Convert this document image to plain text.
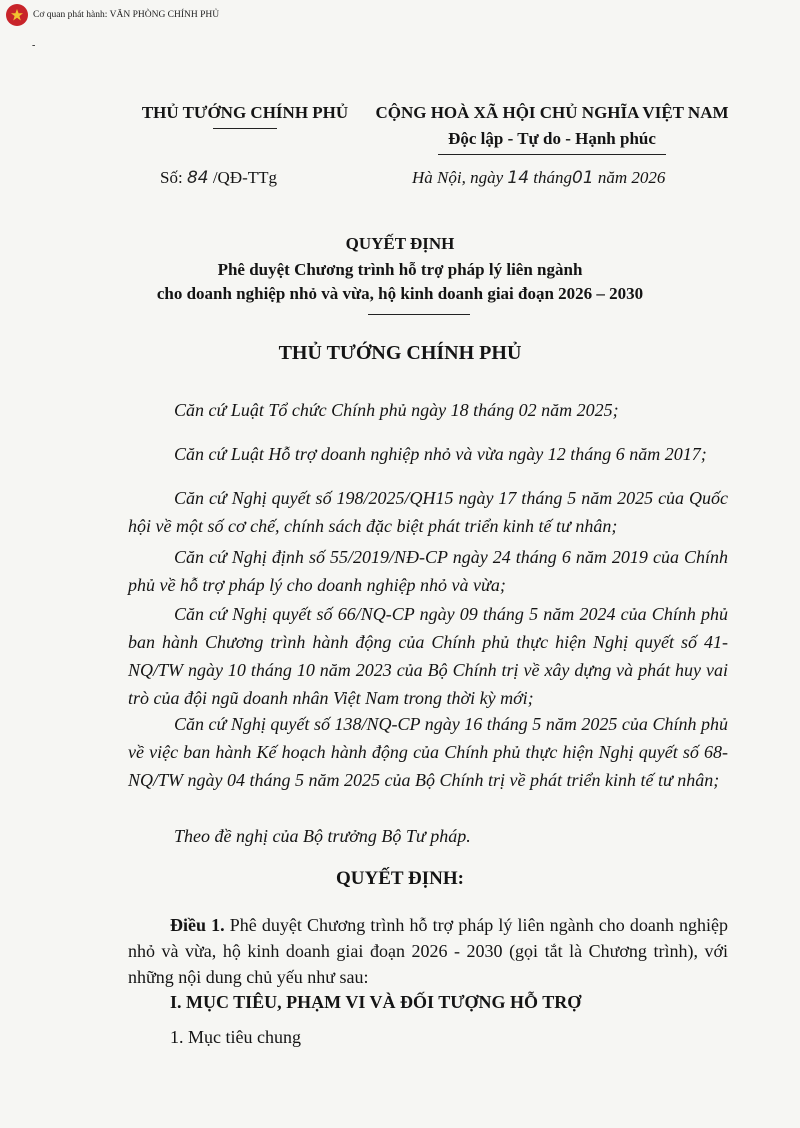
Cơ quan phát hành: VĂN PHÒNG CHÍNH PHỦ
-
THỦ TƯỚNG CHÍNH PHỦ	CỘNG HOÀ XÃ HỘI CHỦ NGHĨA VIỆT NAM
Độc lập - Tự do - Hạnh phúc
Số: 84 /QĐ-TTg	Hà Nội, ngày 14 tháng01 năm 2026
QUYẾT ĐỊNH
Phê duyệt Chương trình hỗ trợ pháp lý liên ngành
cho doanh nghiệp nhỏ và vừa, hộ kinh doanh giai đoạn 2026 – 2030
THỦ TƯỚNG CHÍNH PHỦ
Căn cứ Luật Tổ chức Chính phủ ngày 18 tháng 02 năm 2025;
Căn cứ Luật Hỗ trợ doanh nghiệp nhỏ và vừa ngày 12 tháng 6 năm 2017;
Căn cứ Nghị quyết số 198/2025/QH15 ngày 17 tháng 5 năm 2025 của Quốc hội về một số cơ chế, chính sách đặc biệt phát triển kinh tế tư nhân;
Căn cứ Nghị định số 55/2019/NĐ-CP ngày 24 tháng 6 năm 2019 của Chính phủ về hỗ trợ pháp lý cho doanh nghiệp nhỏ và vừa;
Căn cứ Nghị quyết số 66/NQ-CP ngày 09 tháng 5 năm 2024 của Chính phủ ban hành Chương trình hành động của Chính phủ thực hiện Nghị quyết số 41-NQ/TW ngày 10 tháng 10 năm 2023 của Bộ Chính trị về xây dựng và phát huy vai trò của đội ngũ doanh nhân Việt Nam trong thời kỳ mới;
Căn cứ Nghị quyết số 138/NQ-CP ngày 16 tháng 5 năm 2025 của Chính phủ về việc ban hành Kế hoạch hành động của Chính phủ thực hiện Nghị quyết số 68-NQ/TW ngày 04 tháng 5 năm 2025 của Bộ Chính trị về phát triển kinh tế tư nhân;
Theo đề nghị của Bộ trưởng Bộ Tư pháp.
QUYẾT ĐỊNH:
Điều 1. Phê duyệt Chương trình hỗ trợ pháp lý liên ngành cho doanh nghiệp nhỏ và vừa, hộ kinh doanh giai đoạn 2026 - 2030 (gọi tắt là Chương trình), với những nội dung chủ yếu như sau:
I. MỤC TIÊU, PHẠM VI VÀ ĐỐI TƯỢNG HỖ TRỢ
1. Mục tiêu chung
